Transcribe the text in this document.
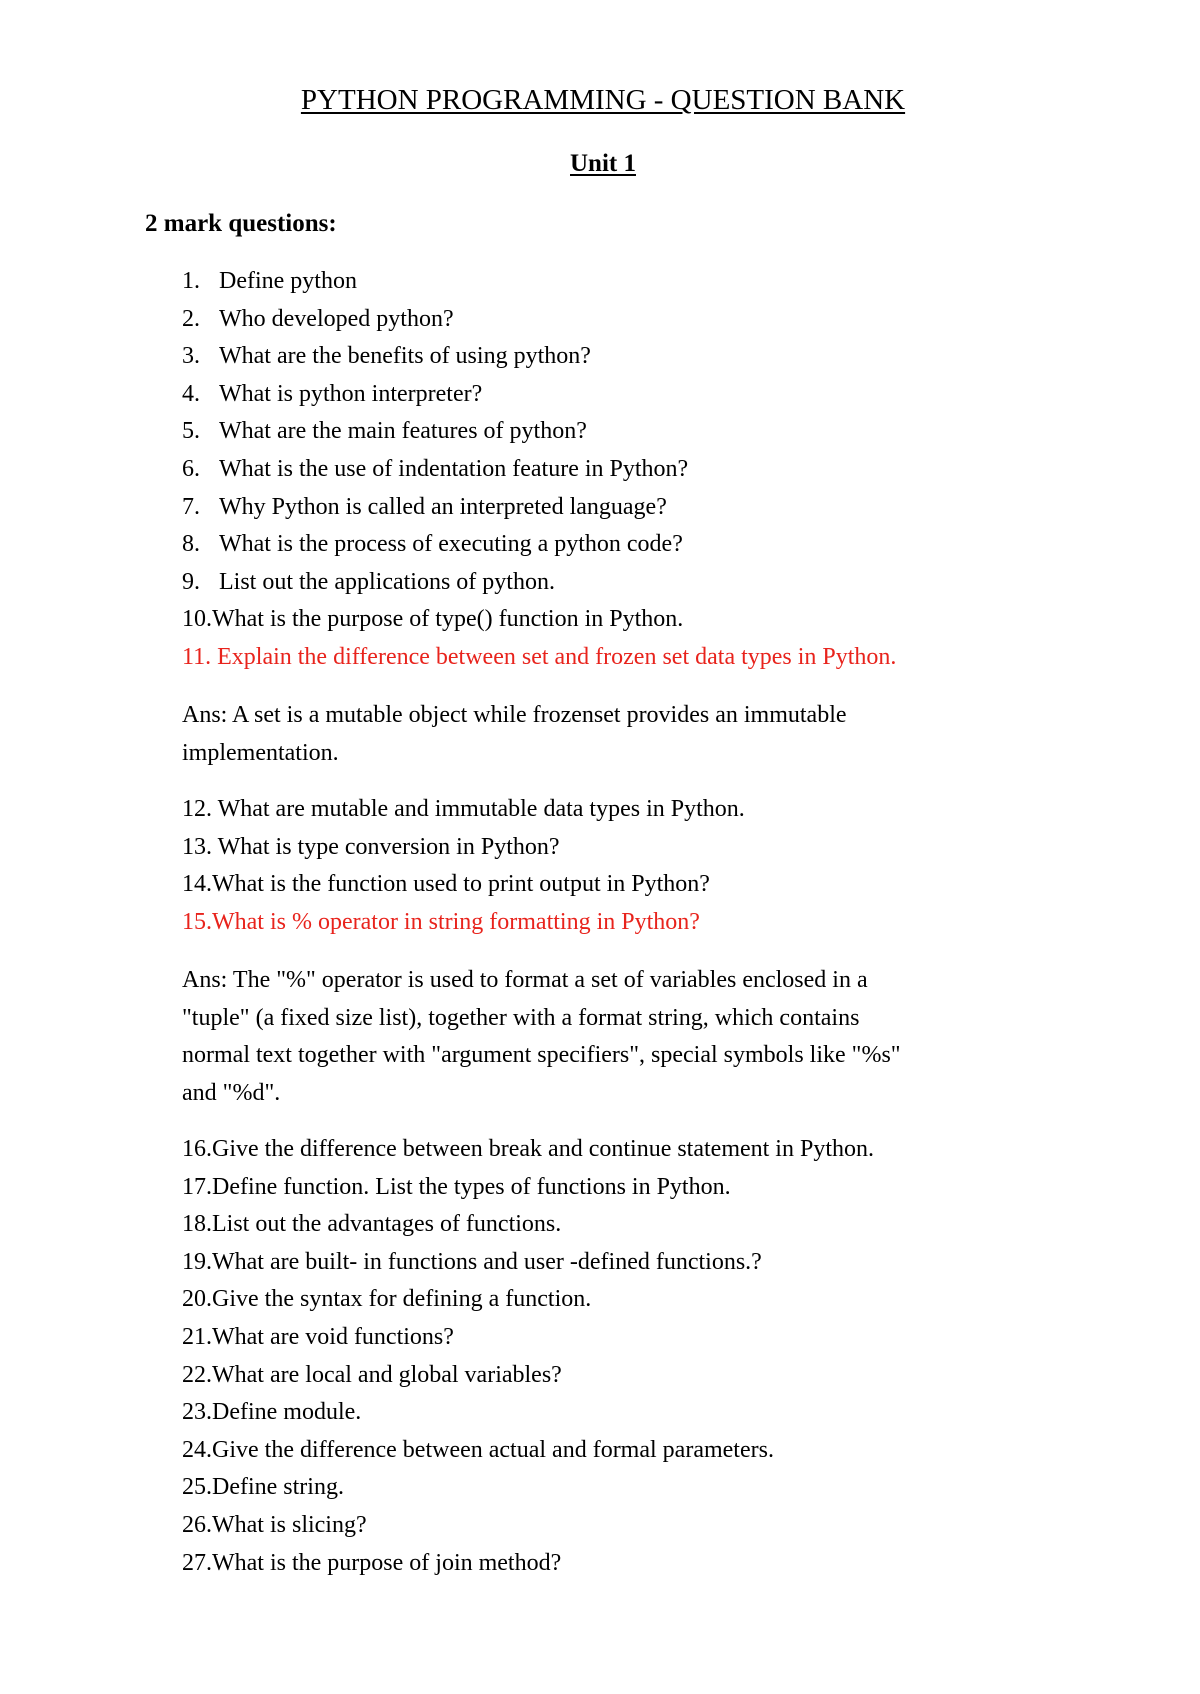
PYTHON PROGRAMMING - QUESTION BANK
Unit 1
2 mark questions:
1. Define python
2. Who developed python?
3. What are the benefits of using python?
4. What is python interpreter?
5. What are the main features of python?
6. What is the use of indentation feature in Python?
7. Why Python is called an interpreted language?
8. What is the process of executing a python code?
9. List out the applications of python.
10.What is the purpose of type() function in Python.
11. Explain the difference between set and frozen set data types in Python.

Ans: A set is a mutable object while frozenset provides an immutable
implementation.

12. What are mutable and immutable data types in Python.
13. What is type conversion in Python?
14.What is the function used to print output in Python?
15.What is % operator in string formatting in Python?

Ans: The "%" operator is used to format a set of variables enclosed in a
"tuple" (a fixed size list), together with a format string, which contains
normal text together with "argument specifiers", special symbols like "%s"
and "%d".

16.Give the difference between break and continue statement in Python.
17.Define function. List the types of functions in Python.
18.List out the advantages of functions.
19.What are built- in functions and user -defined functions.?
20.Give the syntax for defining a function.
21.What are void functions?
22.What are local and global variables?
23.Define module.
24.Give the difference between actual and formal parameters.
25.Define string.
26.What is slicing?
27.What is the purpose of join method?
